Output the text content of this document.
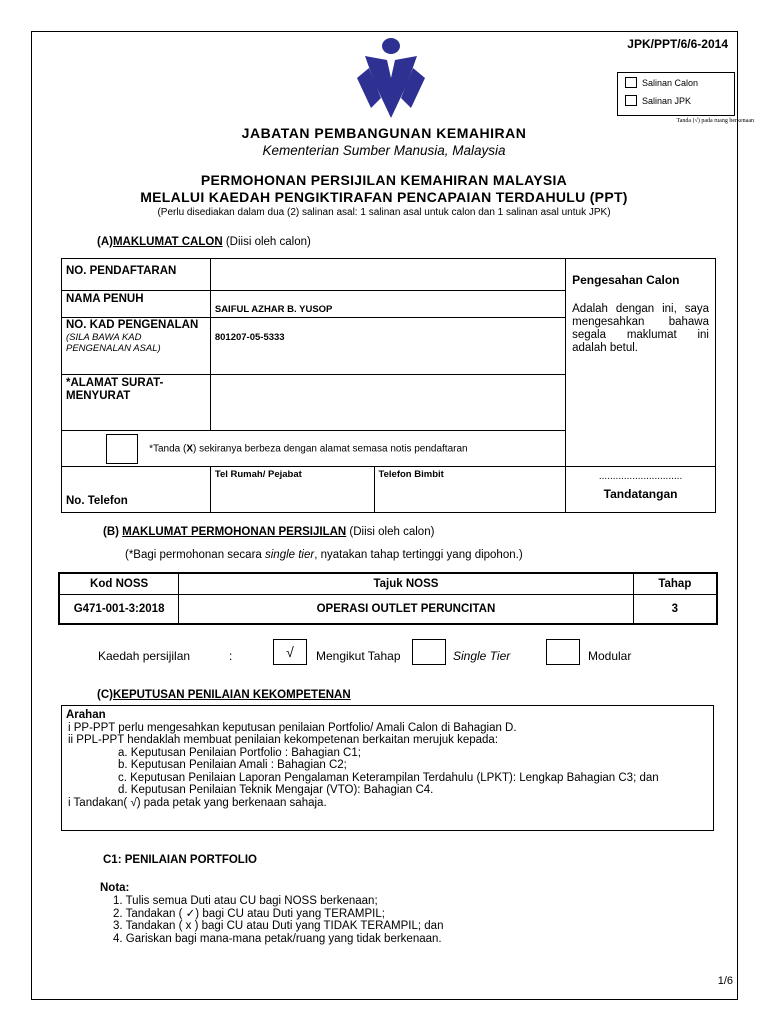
JPK/PPT/6/6-2014
Salinan Calon
Salinan JPK
Tanda (√) pada ruang berkenaan
JABATAN PEMBANGUNAN KEMAHIRAN
Kementerian Sumber Manusia, Malaysia
PERMOHONAN PERSIJILAN KEMAHIRAN MALAYSIA
MELALUI KAEDAH PENGIKTIRAFAN PENCAPAIAN TERDAHULU (PPT)
(Perlu disediakan dalam dua (2) salinan asal: 1 salinan asal untuk calon dan 1 salinan asal untuk JPK)
(A)MAKLUMAT CALON (Diisi oleh calon)
NO. PENDAFTARAN			Pengesahan Calon
Adalah dengan ini, saya mengesahkan bahawa segala maklumat ini adalah betul.

NAMA PENUH	SAIFUL AZHAR B. YUSOP		

NO. KAD PENGENALAN
(SILA BAWA KAD PENGENALAN ASAL)	801207-05-5333		
*ALAMAT SURAT-MENYURAT			
*Tanda (X) sekiranya berbeza dengan alamat semasa notis pendaftaran			
No. Telefon	Tel Rumah/ Pejabat	Telefon Bimbit	..............................
Tandatangan
(B) MAKLUMAT PERMOHONAN PERSIJILAN (Diisi oleh calon)
(*Bagi permohonan secara single tier, nyatakan tahap tertinggi yang dipohon.)
Kod NOSS	Tajuk NOSS	Tahap
G471-001-3:2018	OPERASI OUTLET PERUNCITAN	3
Kaedah persijilan	:	√	Mengikut Tahap	Single Tier	Modular
(C)KEPUTUSAN PENILAIAN KEKOMPETENAN
Arahan
i PP-PPT perlu mengesahkan keputusan penilaian Portfolio/ Amali Calon di Bahagian D.
ii PPL-PPT hendaklah membuat penilaian kekompetenan berkaitan merujuk kepada:
a. Keputusan Penilaian Portfolio : Bahagian C1;
b. Keputusan Penilaian Amali : Bahagian C2;
c. Keputusan Penilaian Laporan Pengalaman Keterampilan Terdahulu (LPKT): Lengkap Bahagian C3; dan
d. Keputusan Penilaian Teknik Mengajar (VTO): Bahagian C4.
i Tandakan( √) pada petak yang berkenaan sahaja.
C1: PENILAIAN PORTFOLIO
Nota:
1. Tulis semua Duti atau CU bagi NOSS berkenaan;
2. Tandakan ( ✓) bagi CU atau Duti yang TERAMPIL;
3. Tandakan ( x ) bagi CU atau Duti yang TIDAK TERAMPIL; dan
4. Gariskan bagi mana-mana petak/ruang yang tidak berkenaan.
1/6
